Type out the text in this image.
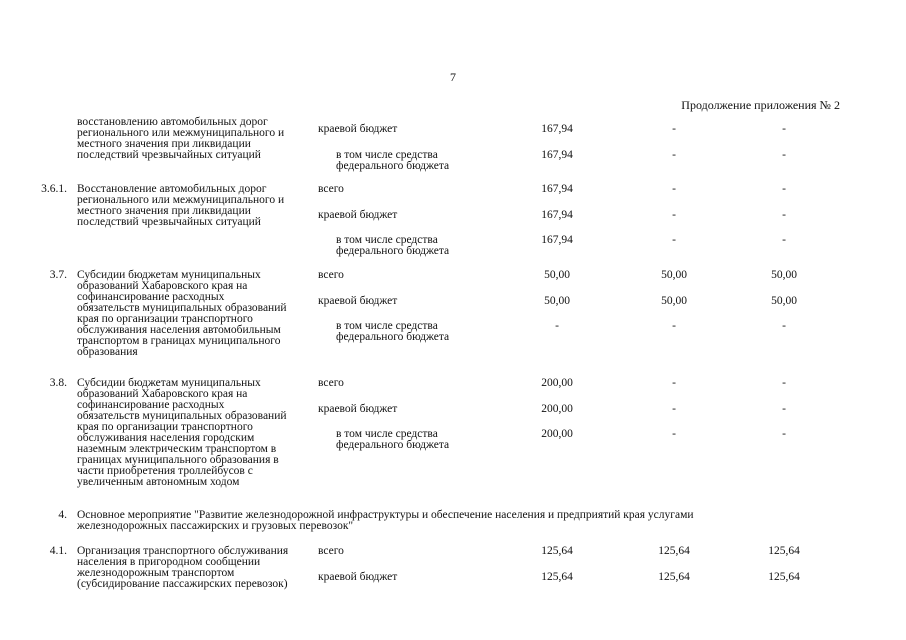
7
Продолжение приложения № 2
восстановлению автомобильных дорог
регионального или межмуниципального и
местного значения при ликвидации
последствий чрезвычайных ситуаций
краевой бюджет	167,94	-	-
в том числе средства
федерального бюджета
167,94	-	-
3.6.1. Восстановление автомобильных дорог
регионального или межмуниципального и
местного значения при ликвидации
последствий чрезвычайных ситуаций
всего	167,94	-	-
краевой бюджет	167,94	-	-
в том числе средства
федерального бюджета
167,94	-	-
3.7. Субсидии бюджетам муниципальных
образований Хабаровского края на
софинансирование расходных
обязательств муниципальных образований
края по организации транспортного
обслуживания населения автомобильным
транспортом в границах муниципального
образования
всего	50,00	50,00	50,00
краевой бюджет	50,00	50,00	50,00
в том числе средства
федерального бюджета
-	-	-
3.8. Субсидии бюджетам муниципальных
образований Хабаровского края на
софинансирование расходных
обязательств муниципальных образований
края по организации транспортного
обслуживания населения городским
наземным электрическим транспортом в
границах муниципального образования в
части приобретения троллейбусов с
увеличенным автономным ходом
всего	200,00	-	-
краевой бюджет	200,00	-	-
в том числе средства
федерального бюджета
200,00	-	-
4. Основное мероприятие "Развитие железнодорожной инфраструктуры и обеспечение населения и предприятий края услугами
железнодорожных пассажирских и грузовых перевозок"
4.1. Организация транспортного обслуживания
населения в пригородном сообщении
железнодорожным транспортом
(субсидирование пассажирских перевозок)
всего	125,64	125,64	125,64
краевой бюджет	125,64	125,64	125,64
